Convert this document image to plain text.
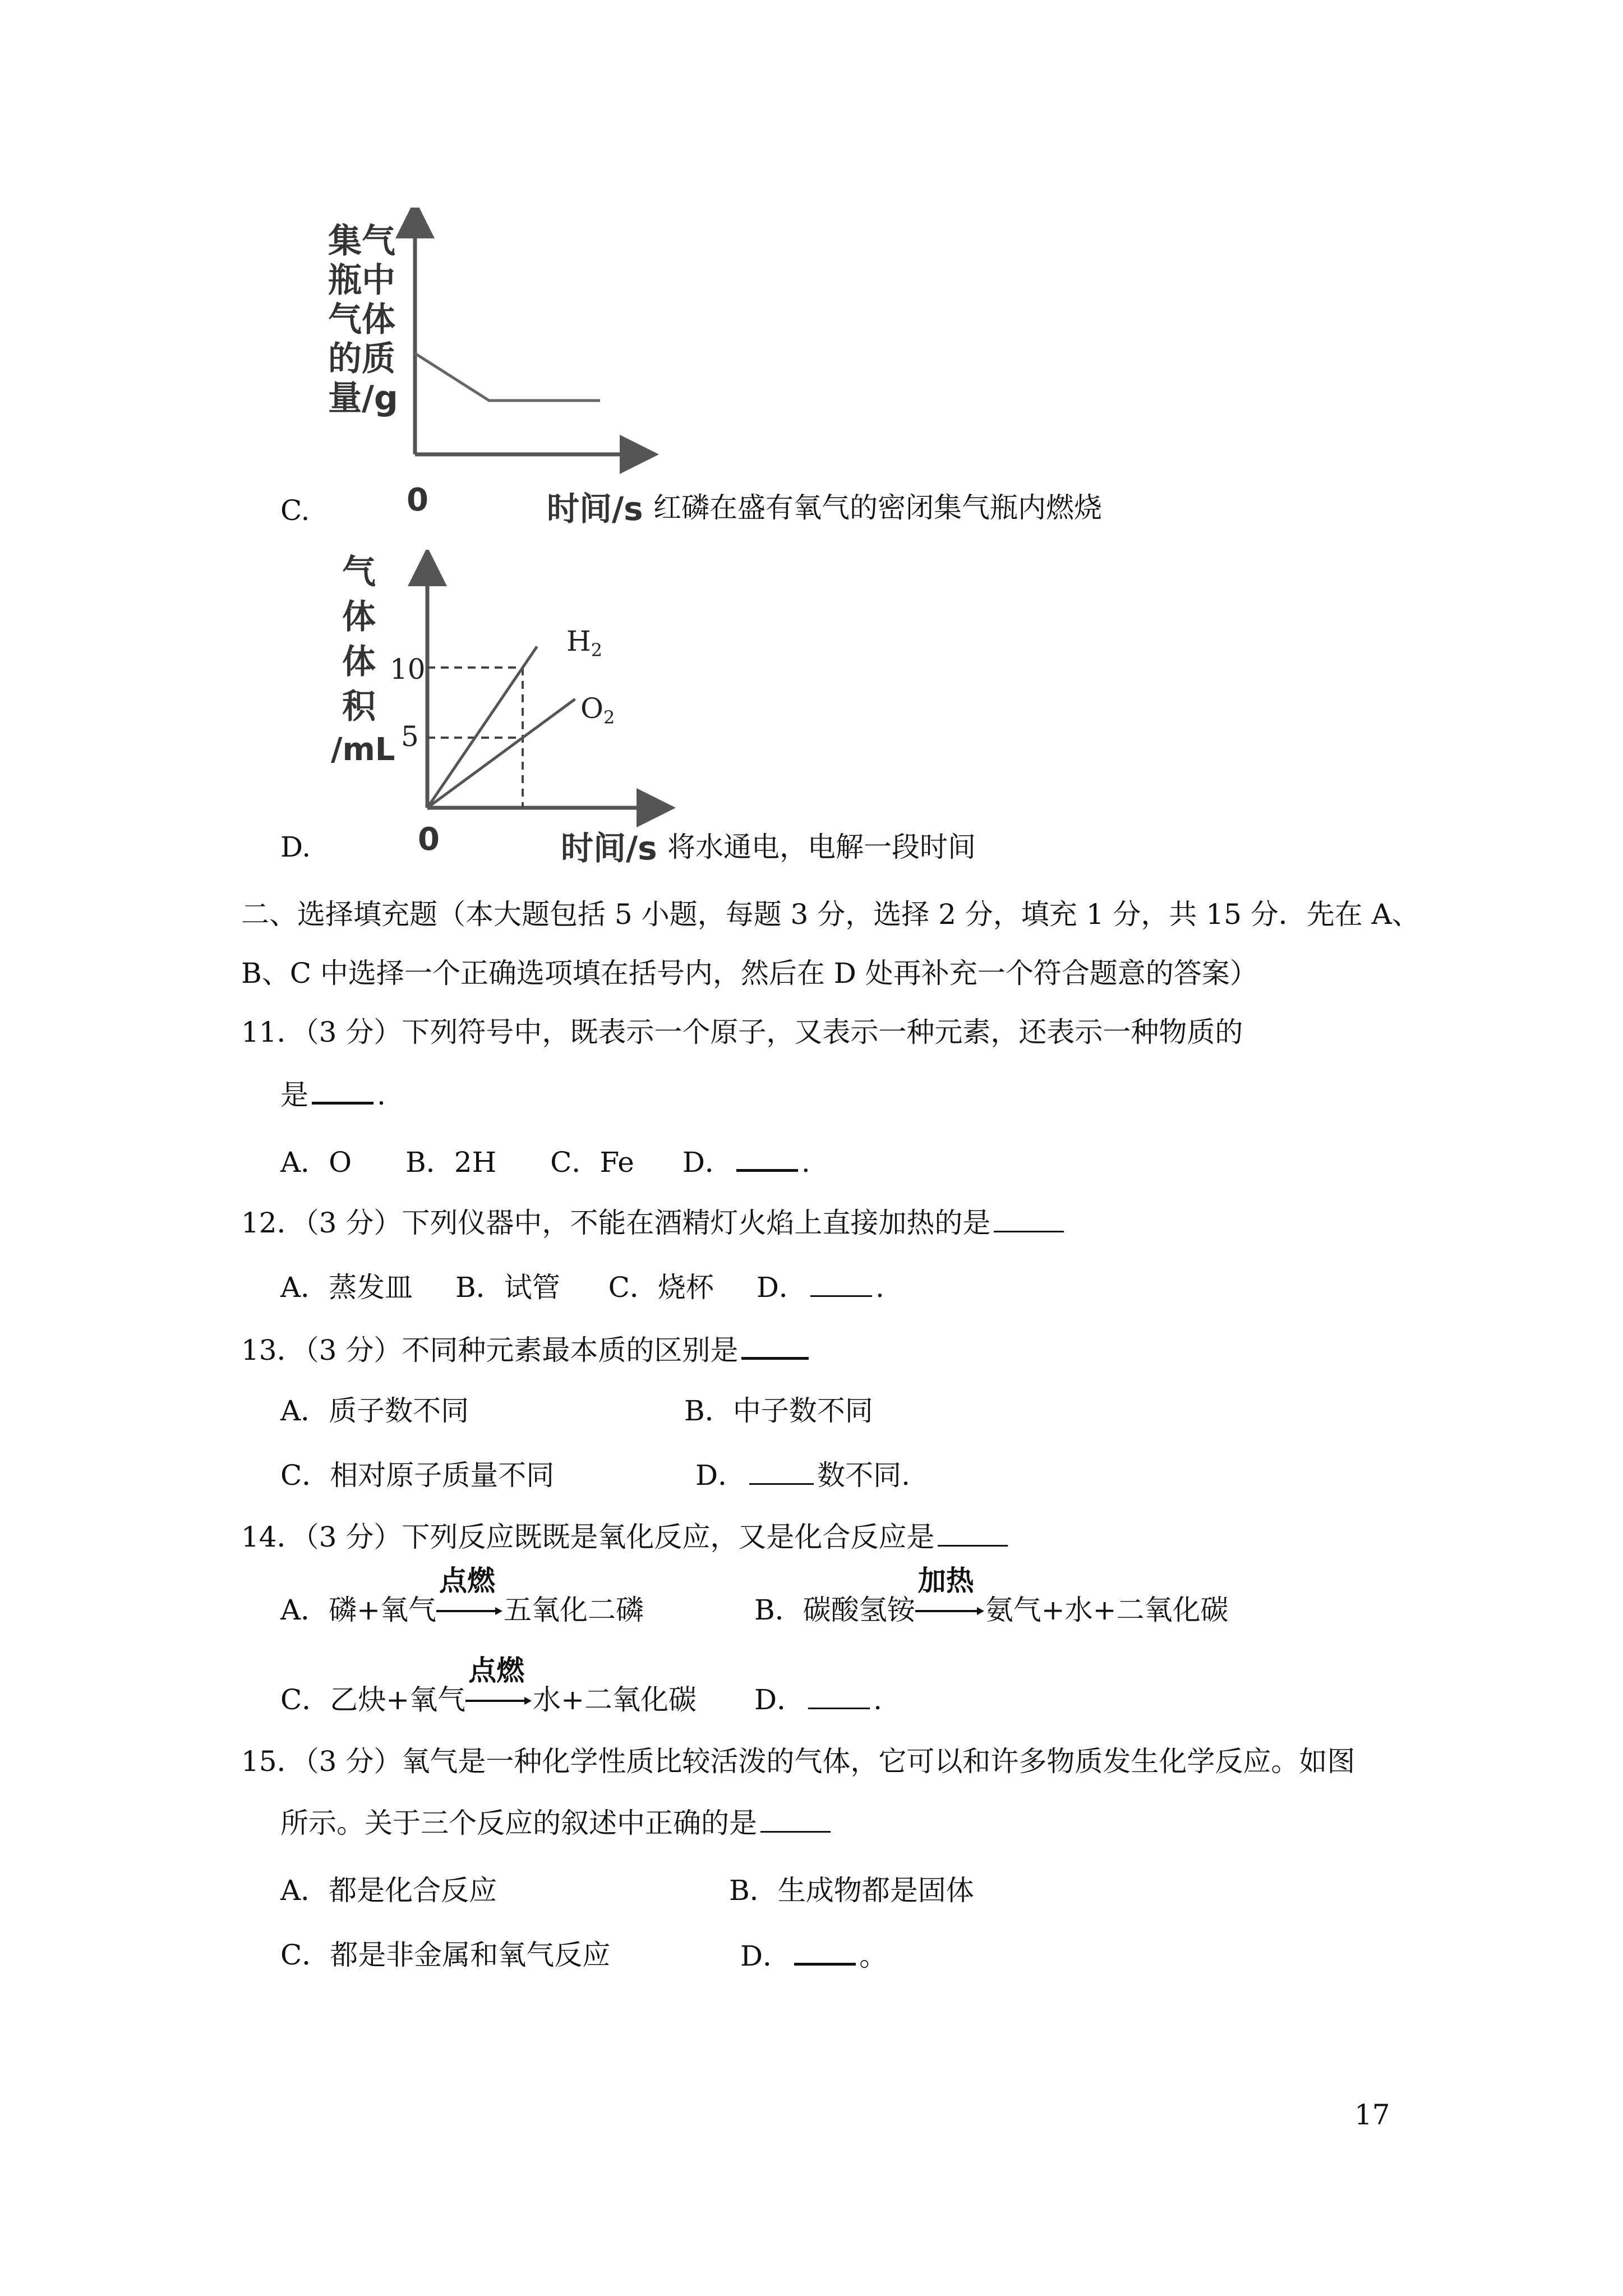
集气
瓶中
气体
的质
量/g
0
C.	时间/s 红磷在盛有氧气的密闭集气瓶内燃烧
气
体
体
积
/mL
10
5
$H_2$
$O_2$
0
D.	时间/s 将水通电，电解一段时间
二、选择填充题（本大题包括 5 小题，每题 3 分，选择 2 分，填充 1 分，共 15 分．先在 A、
B、C 中选择一个正确选项填在括号内，然后在 D 处再补充一个符合题意的答案）
11．（3 分）下列符号中，既表示一个原子，又表示一种元素，还表示一种物质的
是 .
A．O B．2H C．Fe D． .
12．（3 分）下列仪器中，不能在酒精灯火焰上直接加热的是
A．蒸发皿 B．试管 C．烧杯 D． .
13．（3 分）不同种元素最本质的区别是
A．质子数不同	B．中子数不同
C．相对原子质量不同	D．	数不同.
14．（3 分）下列反应既既是氧化反应，又是化合反应是
A．磷+氧气
点燃
五氧化二磷	B．碳酸氢铵
加热
氨气+水+二氧化碳
C．乙炔+氧气
点燃
水+二氧化碳 D． .
15．（3 分）氧气是一种化学性质比较活泼的气体，它可以和许多物质发生化学反应。如图
所示。关于三个反应的叙述中正确的是
A．都是化合反应	B．生成物都是固体
C．都是非金属和氧气反应	D． 。
17
